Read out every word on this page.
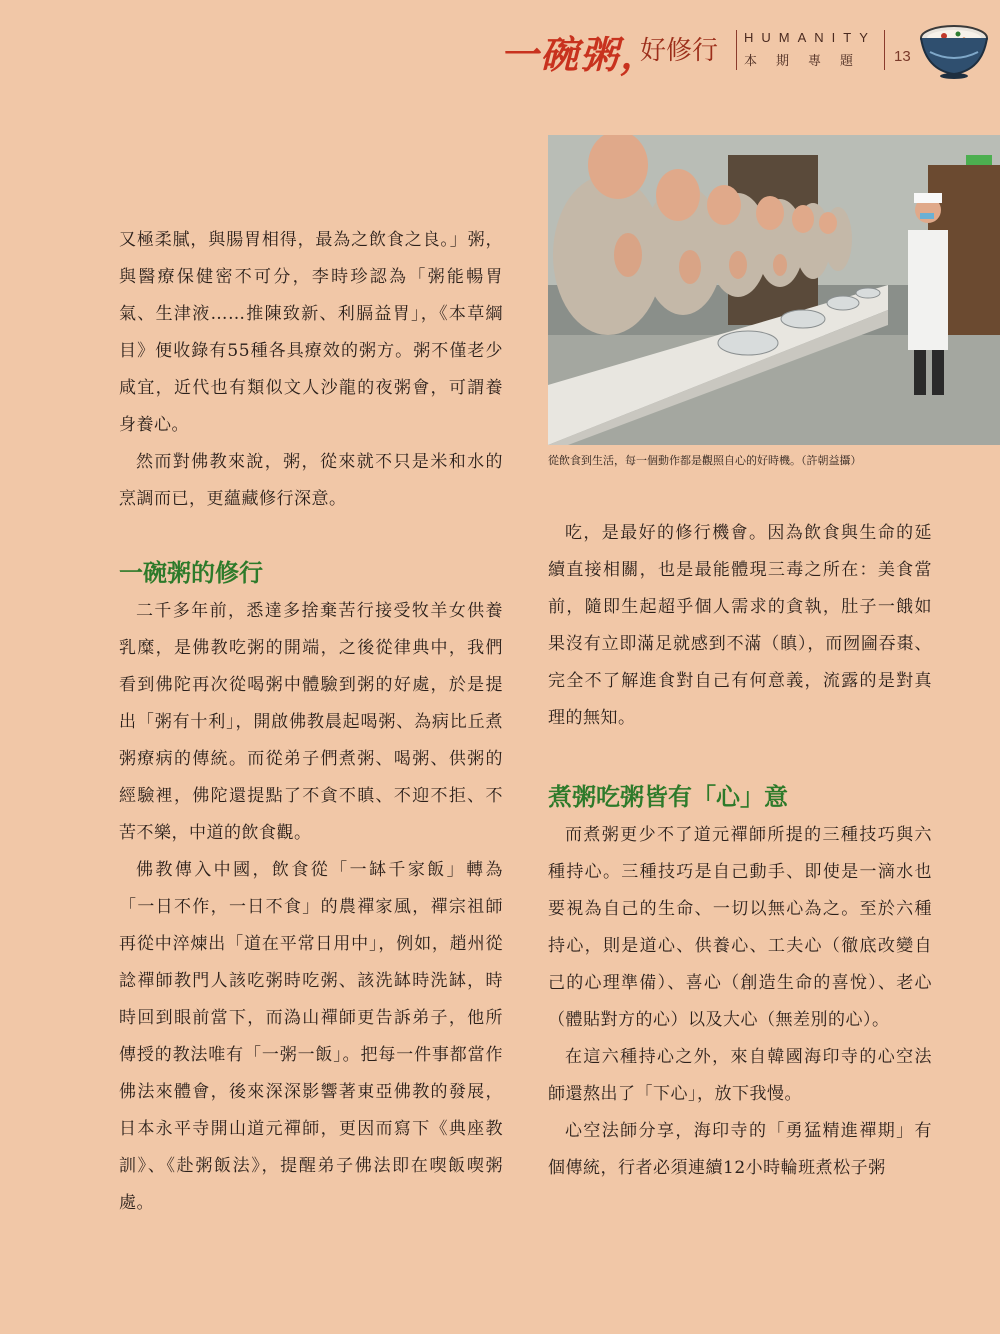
一碗粥，
好修行 HUMANITY
本期專題	13
從飲食到生活，每一個動作都是觀照自心的好時機。（許朝益攝）

又極柔膩，與腸胃相得，最為之飲食之良。」粥，與醫療保健密不可分，李時珍認為「粥能暢胃氣、生津液……推陳致新、利膈益胃」，《本草綱目》便收錄有55種各具療效的粥方。粥不僅老少咸宜，近代也有類似文人沙龍的夜粥會，可謂養身養心。

然而對佛教來說，粥，從來就不只是米和水的烹調而已，更蘊藏修行深意。

一碗粥的修行

二千多年前，悉達多捨棄苦行接受牧羊女供養乳糜，是佛教吃粥的開端，之後從律典中，我們看到佛陀再次從喝粥中體驗到粥的好處，於是提出「粥有十利」，開啟佛教晨起喝粥、為病比丘煮粥療病的傳統。而從弟子們煮粥、喝粥、供粥的經驗裡，佛陀還提點了不貪不瞋、不迎不拒、不苦不樂，中道的飲食觀。

佛教傳入中國，飲食從「一缽千家飯」轉為「一日不作，一日不食」的農禪家風，禪宗祖師再從中淬煉出「道在平常日用中」，例如，趙州從諗禪師教門人該吃粥時吃粥、該洗缽時洗缽，時時回到眼前當下，而溈山禪師更告訴弟子，他所傳授的教法唯有「一粥一飯」。把每一件事都當作佛法來體會，後來深深影響著東亞佛教的發展，日本永平寺開山道元禪師，更因而寫下《典座教訓》、《赴粥飯法》，提醒弟子佛法即在喫飯喫粥處。

吃，是最好的修行機會。因為飲食與生命的延續直接相關，也是最能體現三毒之所在：美食當前，隨即生起超乎個人需求的貪執，肚子一餓如果沒有立即滿足就感到不滿（瞋），而囫圇吞棗、完全不了解進食對自己有何意義，流露的是對真理的無知。

煮粥吃粥皆有「心」意

而煮粥更少不了道元禪師所提的三種技巧與六種持心。三種技巧是自己動手、即使是一滴水也要視為自己的生命、一切以無心為之。至於六種持心，則是道心、供養心、工夫心（徹底改變自己的心理準備）、喜心（創造生命的喜悅）、老心（體貼對方的心）以及大心（無差別的心）。

在這六種持心之外，來自韓國海印寺的心空法師還熬出了「下心」，放下我慢。

心空法師分享，海印寺的「勇猛精進禪期」有個傳統，行者必須連續12小時輪班煮松子粥
